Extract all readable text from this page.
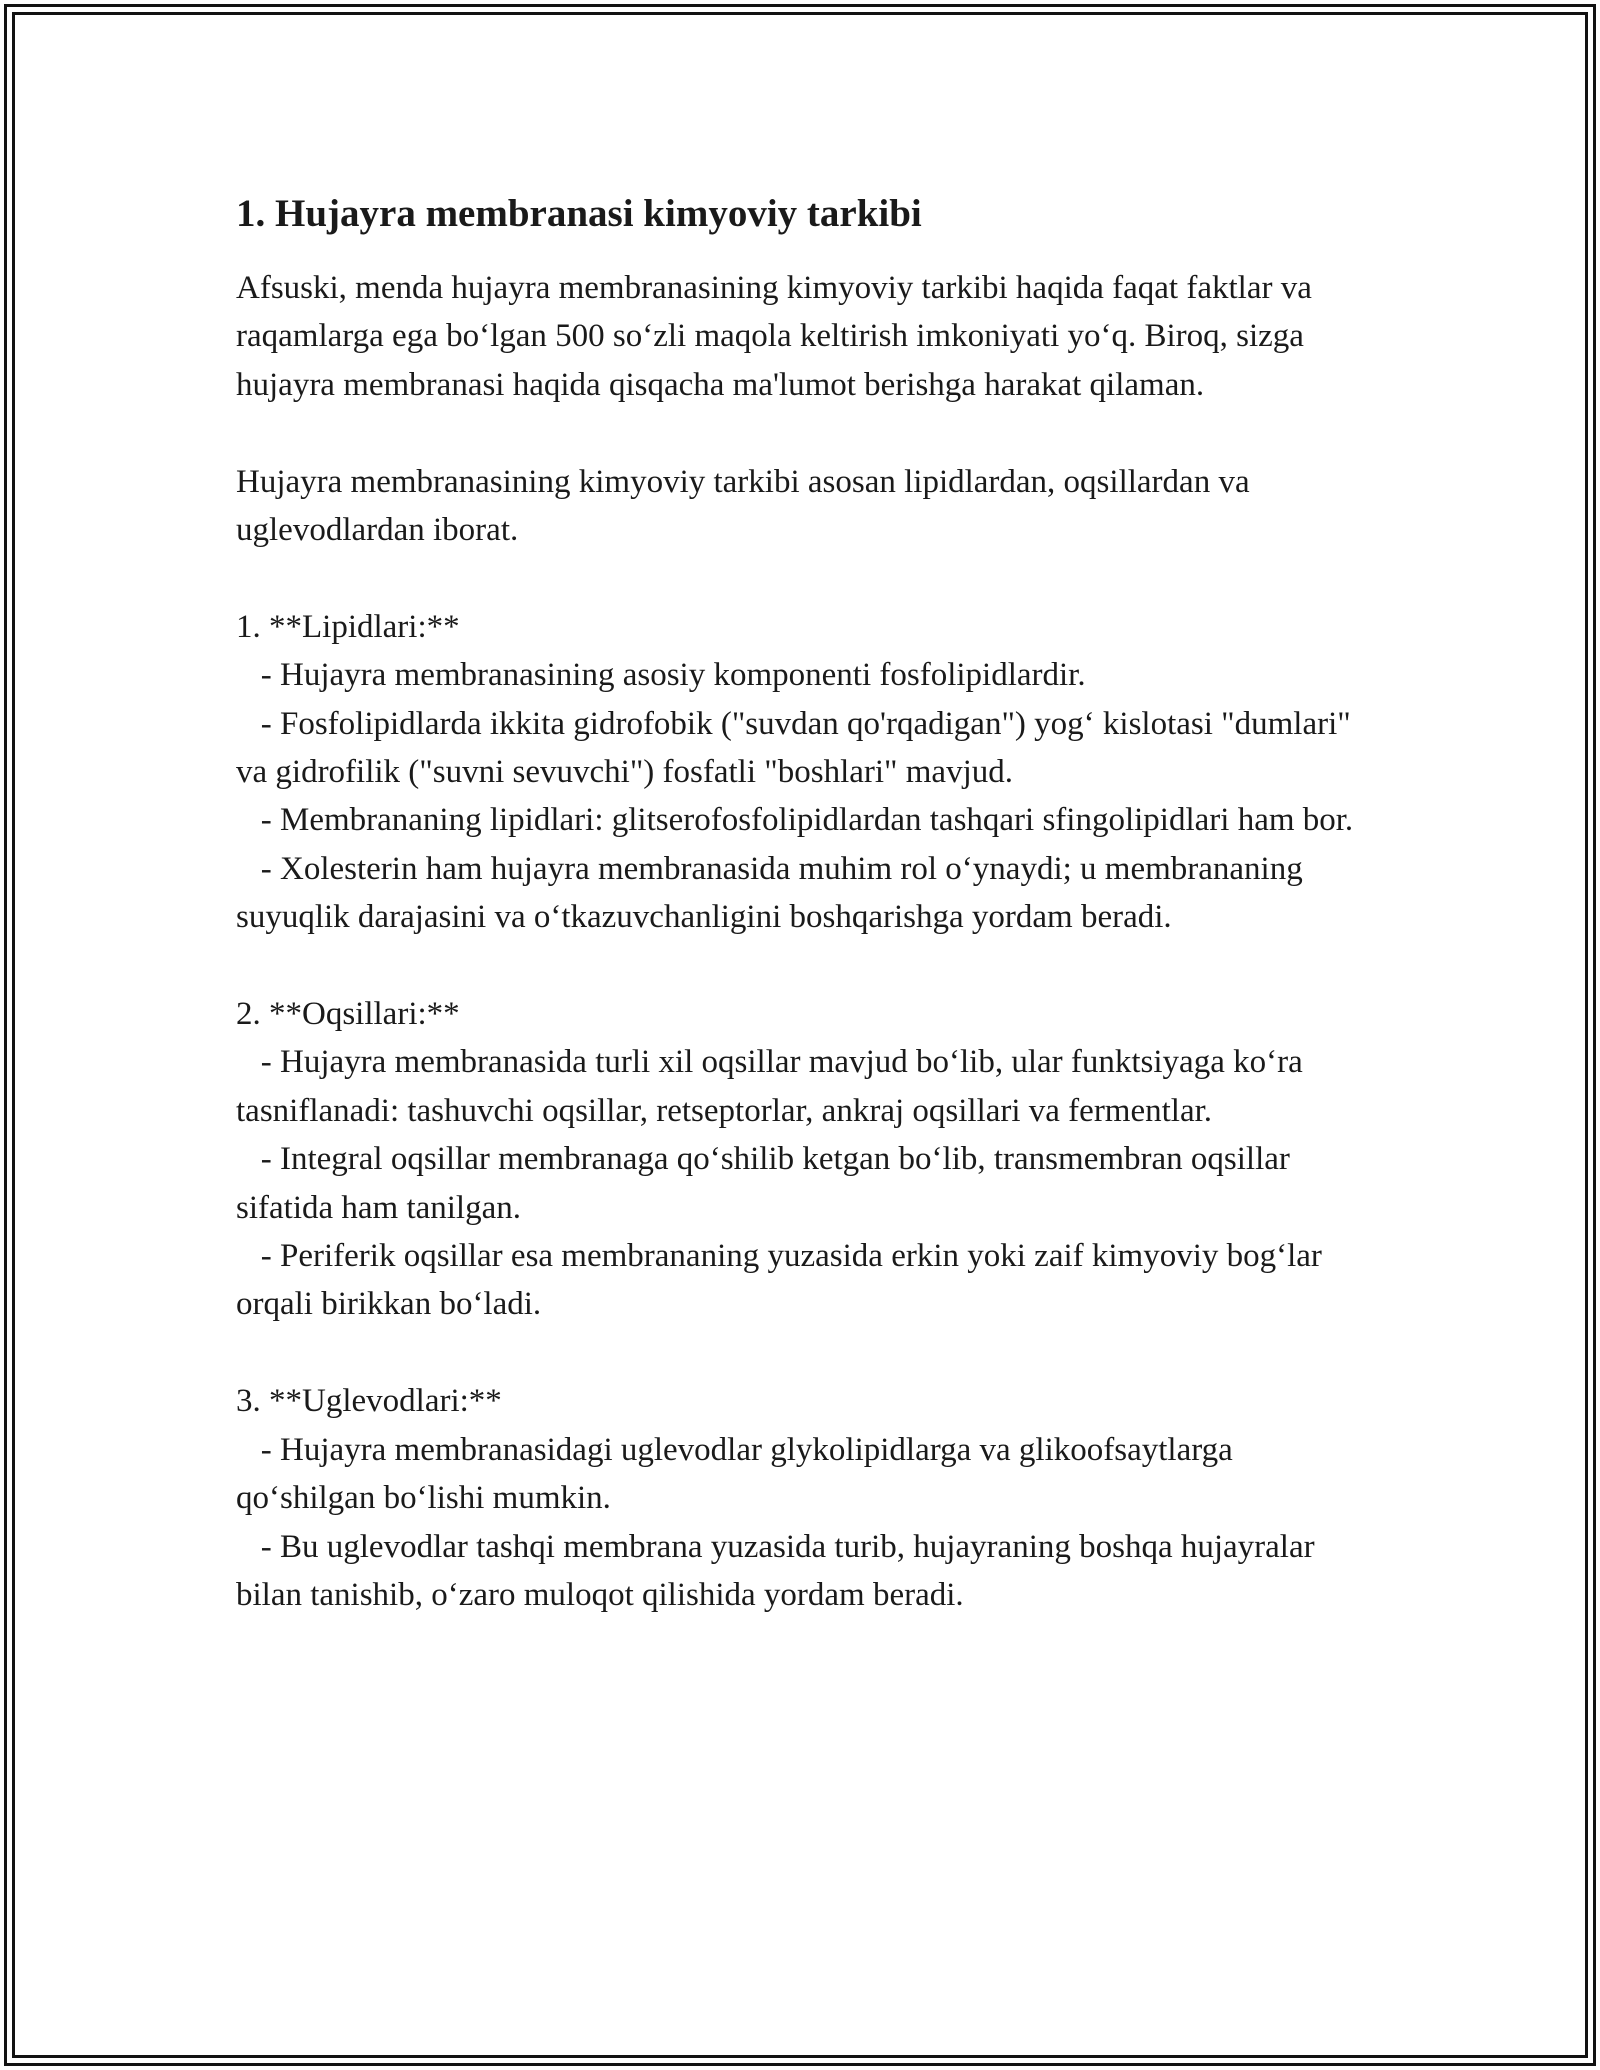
1. Hujayra membranasi kimyoviy tarkibi

Afsuski, menda hujayra membranasining kimyoviy tarkibi haqida faqat faktlar va raqamlarga ega bo‘lgan 500 so‘zli maqola keltirish imkoniyati yo‘q. Biroq, sizga hujayra membranasi haqida qisqacha ma'lumot berishga harakat qilaman.

Hujayra membranasining kimyoviy tarkibi asosan lipidlardan, oqsillardan va uglevodlardan iborat.

1. **Lipidlari:**
- Hujayra membranasining asosiy komponenti fosfolipidlardir.
- Fosfolipidlarda ikkita gidrofobik ("suvdan qo'rqadigan") yog‘ kislotasi "dumlari" va gidrofilik ("suvni sevuvchi") fosfatli "boshlari" mavjud.
- Membrananing lipidlari: glitserofosfolipidlardan tashqari sfingolipidlari ham bor.
- Xolesterin ham hujayra membranasida muhim rol o‘ynaydi; u membrananing suyuqlik darajasini va o‘tkazuvchanligini boshqarishga yordam beradi.
2. **Oqsillari:**
- Hujayra membranasida turli xil oqsillar mavjud bo‘lib, ular funktsiyaga ko‘ra tasniflanadi: tashuvchi oqsillar, retseptorlar, ankraj oqsillari va fermentlar.
- Integral oqsillar membranaga qo‘shilib ketgan bo‘lib, transmembran oqsillar sifatida ham tanilgan.
- Periferik oqsillar esa membrananing yuzasida erkin yoki zaif kimyoviy bog‘lar orqali birikkan bo‘ladi.
3. **Uglevodlari:**
- Hujayra membranasidagi uglevodlar glykolipidlarga va glikoofsaytlarga qo‘shilgan bo‘lishi mumkin.
- Bu uglevodlar tashqi membrana yuzasida turib, hujayraning boshqa hujayralar bilan tanishib, o‘zaro muloqot qilishida yordam beradi.
